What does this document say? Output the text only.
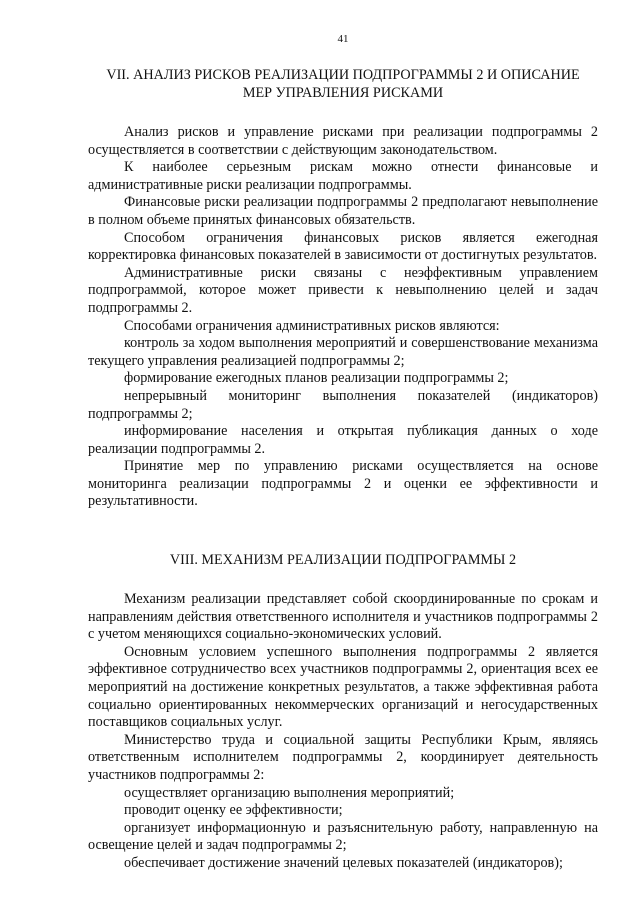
41
VII. АНАЛИЗ РИСКОВ РЕАЛИЗАЦИИ ПОДПРОГРАММЫ 2 И ОПИСАНИЕ
МЕР УПРАВЛЕНИЯ РИСКАМИ

Анализ рисков и управление рисками при реализации подпрограммы 2 осуществляется в соответствии с действующим законодательством.

К наиболее серьезным рискам можно отнести финансовые и административные риски реализации подпрограммы.

Финансовые риски реализации подпрограммы 2 предполагают невыполнение в полном объеме принятых финансовых обязательств.

Способом ограничения финансовых рисков является ежегодная корректировка финансовых показателей в зависимости от достигнутых результатов.

Административные риски связаны с неэффективным управлением подпрограммой, которое может привести к невыполнению целей и задач подпрограммы 2.

Способами ограничения административных рисков являются:

контроль за ходом выполнения мероприятий и совершенствование механизма текущего управления реализацией подпрограммы 2;

формирование ежегодных планов реализации подпрограммы 2;

непрерывный мониторинг выполнения показателей (индикаторов) подпрограммы 2;

информирование населения и открытая публикация данных о ходе реализации подпрограммы 2.

Принятие мер по управлению рисками осуществляется на основе мониторинга реализации подпрограммы 2 и оценки ее эффективности и результативности.

VIII. МЕХАНИЗМ РЕАЛИЗАЦИИ ПОДПРОГРАММЫ 2

Механизм реализации представляет собой скоординированные по срокам и направлениям действия ответственного исполнителя и участников подпрограммы 2 с учетом меняющихся социально-экономических условий.

Основным условием успешного выполнения подпрограммы 2 является эффективное сотрудничество всех участников подпрограммы 2, ориентация всех ее мероприятий на достижение конкретных результатов, а также эффективная работа социально ориентированных некоммерческих организаций и негосударственных поставщиков социальных услуг.

Министерство труда и социальной защиты Республики Крым, являясь ответственным исполнителем подпрограммы 2, координирует деятельность участников подпрограммы 2:

осуществляет организацию выполнения мероприятий;

проводит оценку ее эффективности;

организует информационную и разъяснительную работу, направленную на освещение целей и задач подпрограммы 2;

обеспечивает достижение значений целевых показателей (индикаторов);
